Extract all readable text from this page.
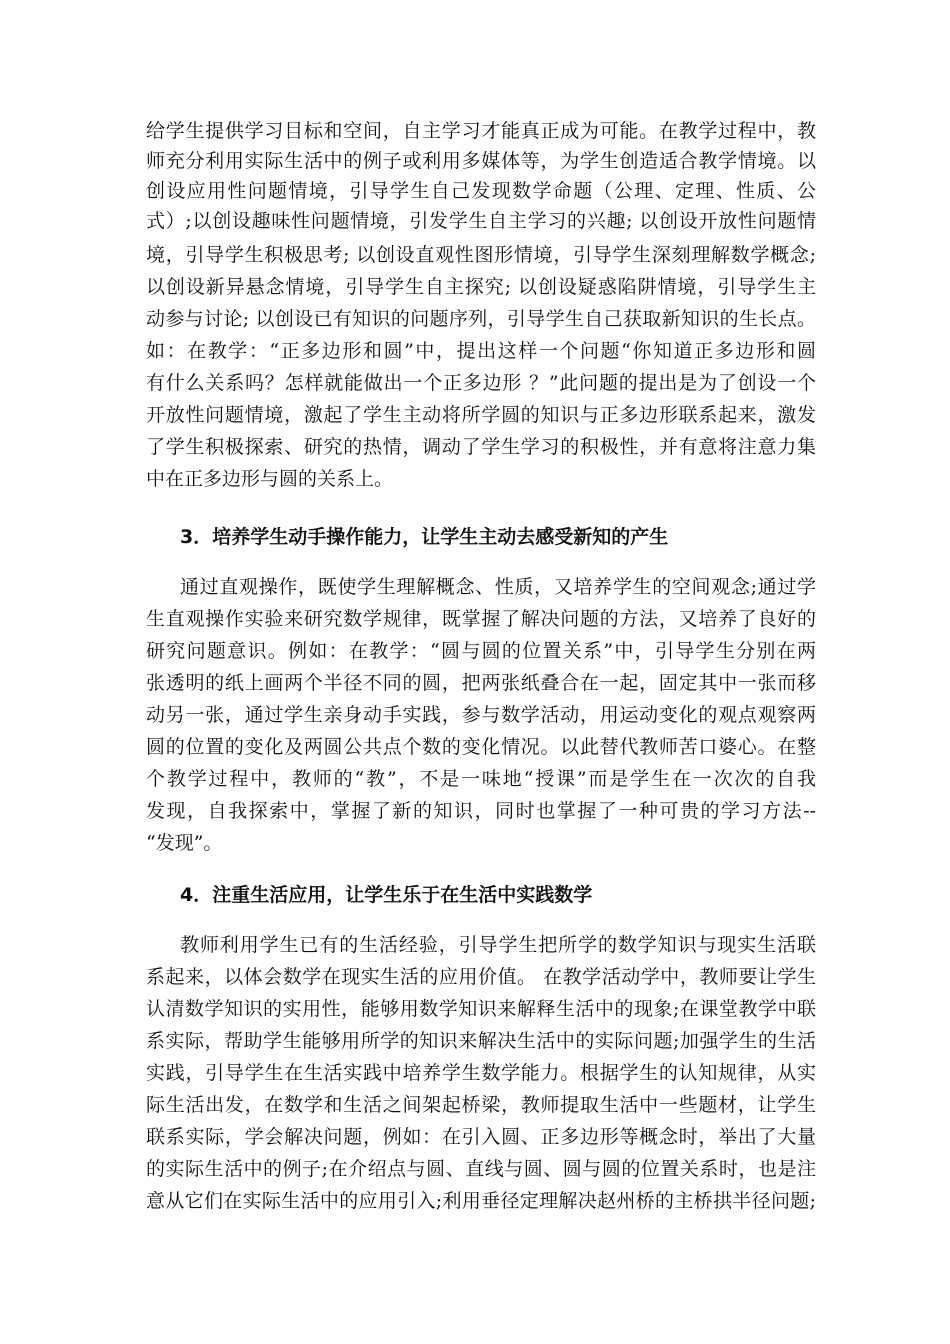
给学生提供学习目标和空间，自主学习才能真正成为可能。在教学过程中，教
师充分利用实际生活中的例子或利用多媒体等，为学生创造适合教学情境。以
创设应用性问题情境，引导学生自己发现数学命题（公理、定理、性质、公
式）;以创设趣味性问题情境，引发学生自主学习的兴趣; 以创设开放性问题情
境，引导学生积极思考; 以创设直观性图形情境，引导学生深刻理解数学概念;
以创设新异悬念情境，引导学生自主探究; 以创设疑惑陷阱情境，引导学生主
动参与讨论; 以创设已有知识的问题序列，引导学生自己获取新知识的生长点。
如：在教学：“正多边形和圆”中，提出这样一个问题“你知道正多边形和圆
有什么关系吗？怎样就能做出一个正多边形 ？”此问题的提出是为了创设一个
开放性问题情境，激起了学生主动将所学圆的知识与正多边形联系起来，激发
了学生积极探索、研究的热情，调动了学生学习的积极性，并有意将注意力集
中在正多边形与圆的关系上。
3．培养学生动手操作能力，让学生主动去感受新知的产生
通过直观操作，既使学生理解概念、性质，又培养学生的空间观念;通过学
生直观操作实验来研究数学规律，既掌握了解决问题的方法，又培养了良好的
研究问题意识。例如：在教学：“圆与圆的位置关系”中，引导学生分别在两
张透明的纸上画两个半径不同的圆，把两张纸叠合在一起，固定其中一张而移
动另一张，通过学生亲身动手实践，参与数学活动，用运动变化的观点观察两
圆的位置的变化及两圆公共点个数的变化情况。以此替代教师苦口婆心。在整
个教学过程中，教师的“教”，不是一味地“授课”而是学生在一次次的自我
发现，自我探索中，掌握了新的知识，同时也掌握了一种可贵的学习方法--
“发现”。
4．注重生活应用，让学生乐于在生活中实践数学
教师利用学生已有的生活经验，引导学生把所学的数学知识与现实生活联
系起来，以体会数学在现实生活的应用价值。 在教学活动学中，教师要让学生
认清数学知识的实用性，能够用数学知识来解释生活中的现象;在课堂教学中联
系实际，帮助学生能够用所学的知识来解决生活中的实际问题;加强学生的生活
实践，引导学生在生活实践中培养学生数学能力。根据学生的认知规律，从实
际生活出发，在数学和生活之间架起桥梁，教师提取生活中一些题材，让学生
联系实际，学会解决问题，例如：在引入圆、正多边形等概念时，举出了大量
的实际生活中的例子;在介绍点与圆、直线与圆、圆与圆的位置关系时，也是注
意从它们在实际生活中的应用引入;利用垂径定理解决赵州桥的主桥拱半径问题;
